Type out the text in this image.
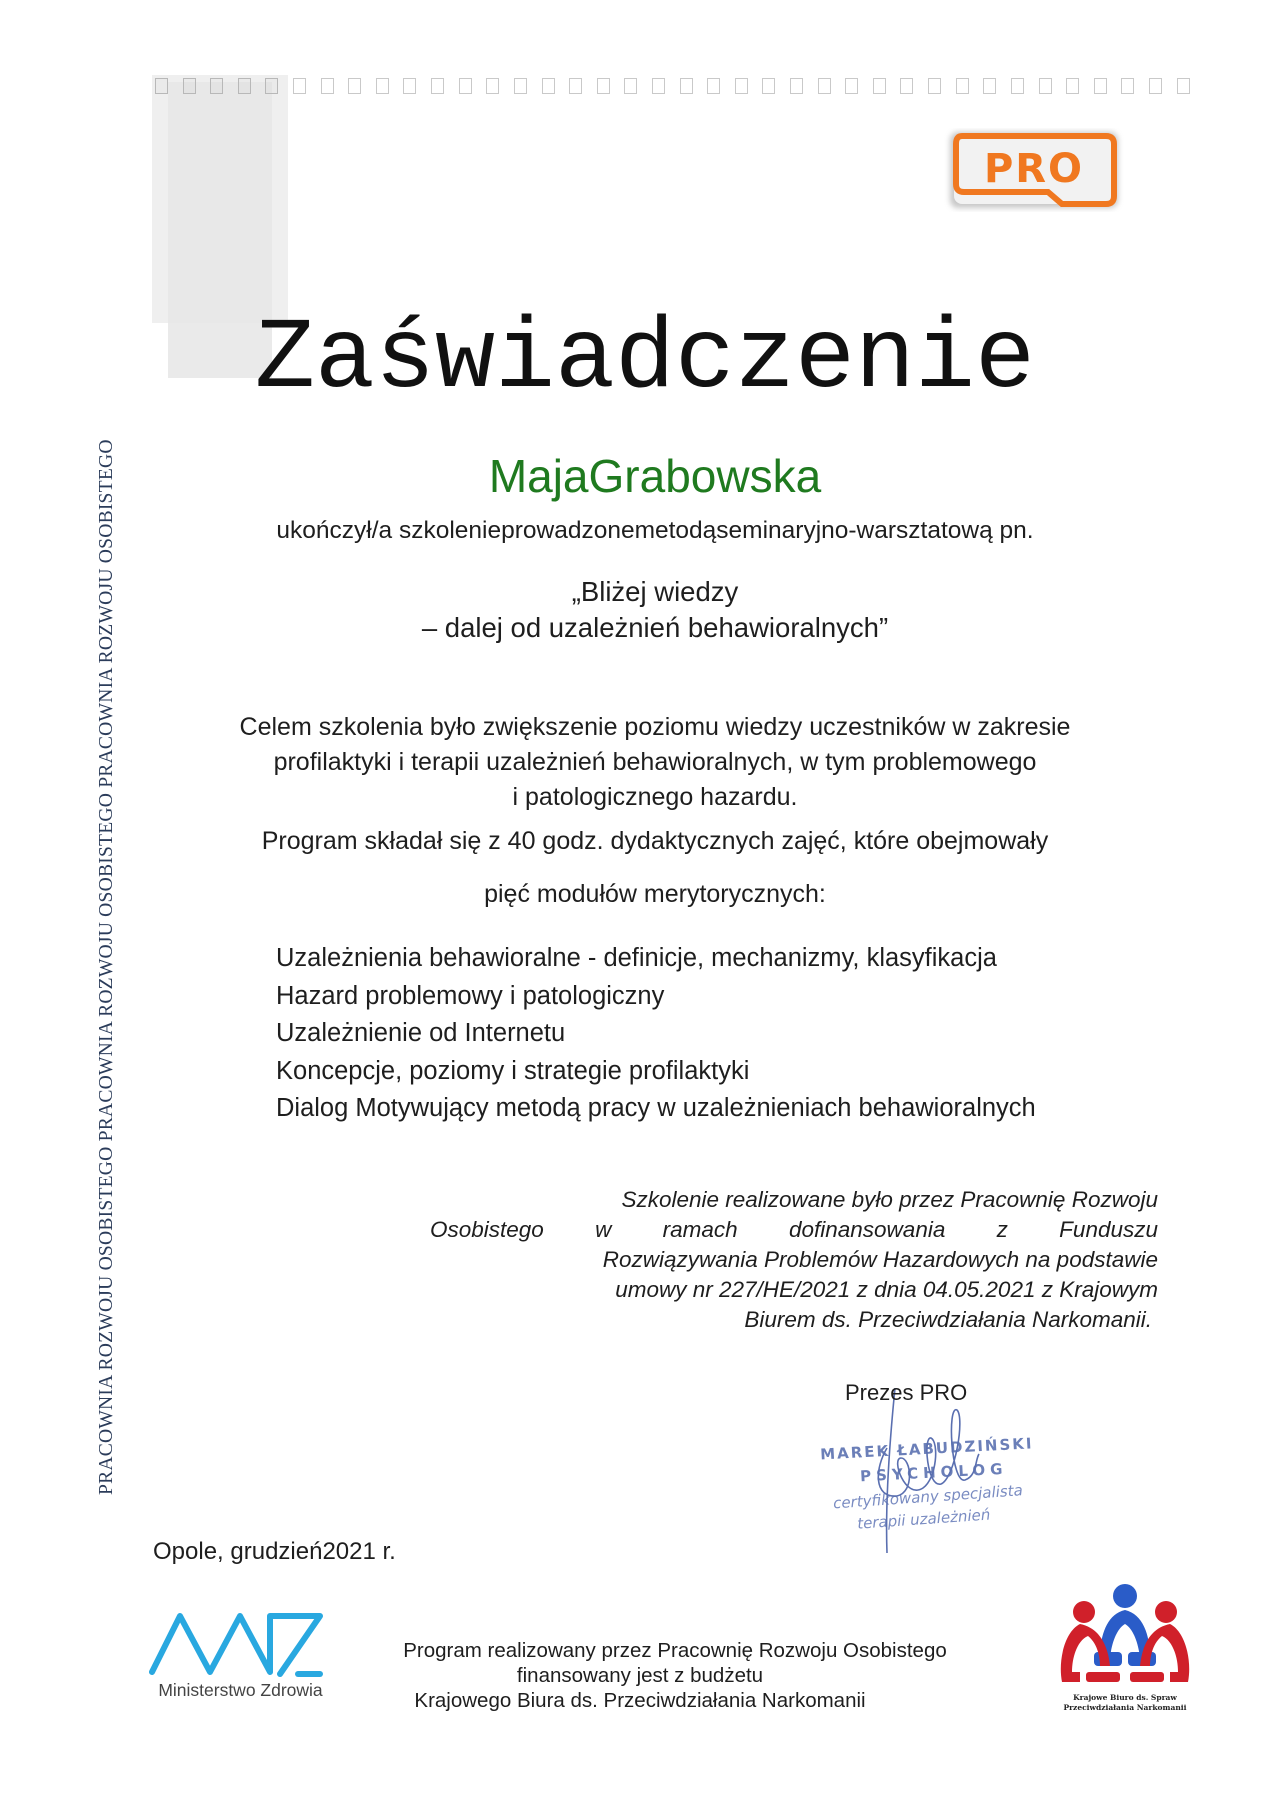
PRO
PRACOWNIA ROZWOJU OSOBISTEGO PRACOWNIA ROZWOJU OSOBISTEGO PRACOWNIA ROZWOJU OSOBISTEGO
Zaświadczenie
MajaGrabowska
ukończył/a szkolenieprowadzonemetodąseminaryjno-warsztatową pn.
„Bliżej wiedzy
– dalej od uzależnień behawioralnych”
Celem szkolenia było zwiększenie poziomu wiedzy uczestników w zakresie
profilaktyki i terapii uzależnień behawioralnych, w tym problemowego
i patologicznego hazardu.
Program składał się z 40 godz. dydaktycznych zajęć, które obejmowały
pięć modułów merytorycznych:
Uzależnienia behawioralne - definicje, mechanizmy, klasyfikacja
Hazard problemowy i patologiczny
Uzależnienie od Internetu
Koncepcje, poziomy i strategie profilaktyki
Dialog Motywujący metodą pracy w uzależnieniach behawioralnych
Szkolenie realizowane było przez Pracownię Rozwoju
Osobistego w ramach dofinansowania z Funduszu
Rozwiązywania Problemów Hazardowych na podstawie
umowy nr 227/HE/2021 z dnia 04.05.2021 z Krajowym
Biurem ds. Przeciwdziałania Narkomanii.
MAREK ŁABUDZIŃSKI
PSYCHOLOG
certyfikowany specjalista
terapii uzależnień
Prezes PRO
Opole, grudzień2021 r.
Ministerstwo Zdrowia
Program realizowany przez Pracownię Rozwoju Osobistego
finansowany jest z budżetu
Krajowego Biura ds. Przeciwdziałania Narkomanii	Krajowe Biuro ds. Spraw
Przeciwdziałania Narkomanii
